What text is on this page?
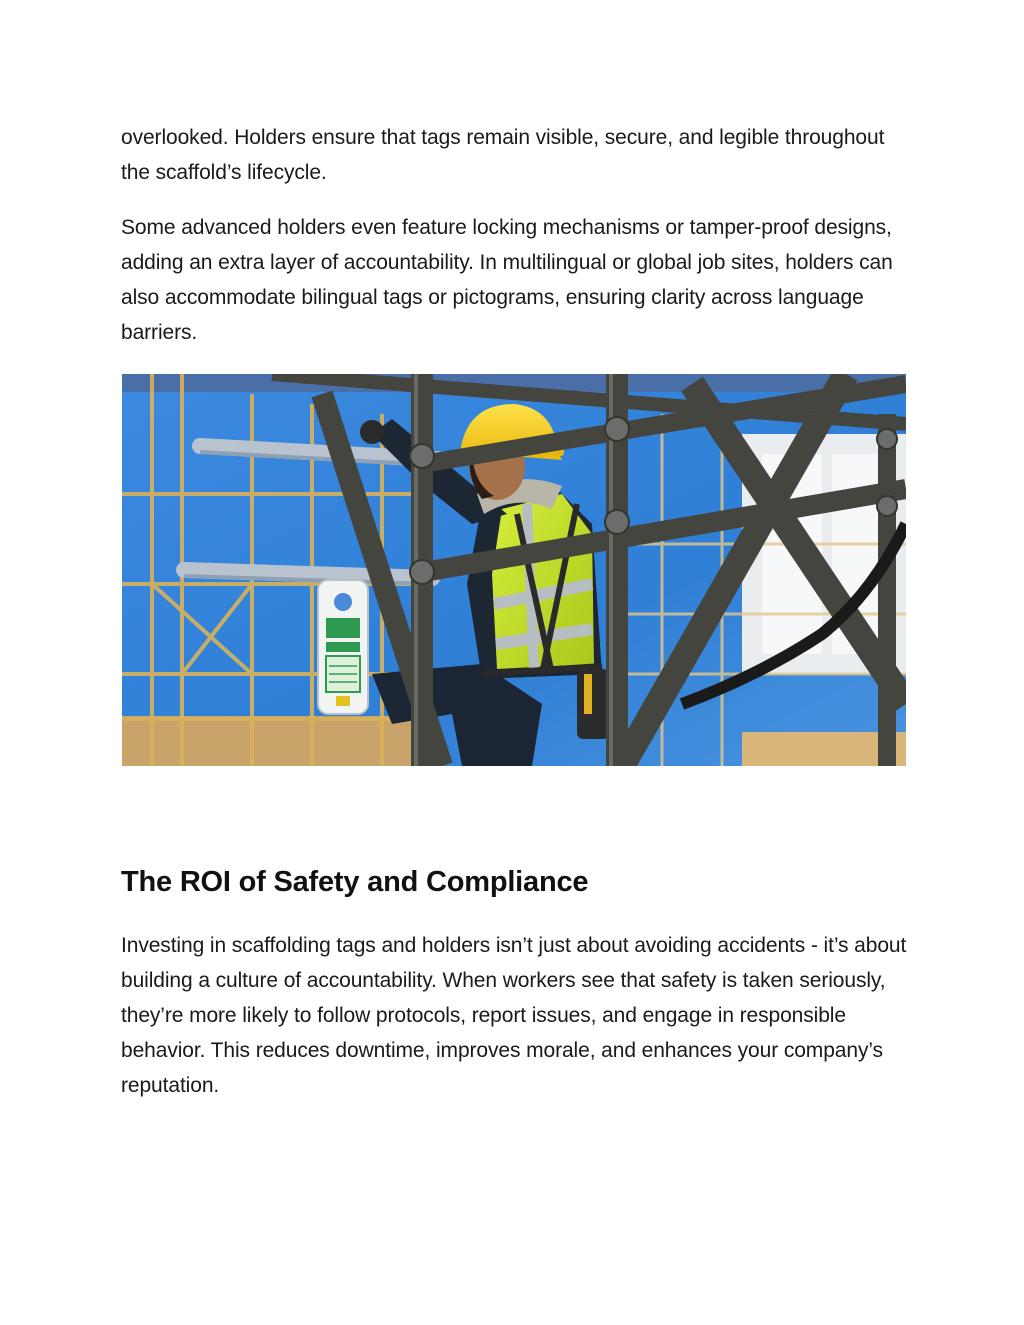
overlooked. Holders ensure that tags remain visible, secure, and legible throughout the scaffold’s lifecycle.

Some advanced holders even feature locking mechanisms or tamper-proof designs, adding an extra layer of accountability. In multilingual or global job sites, holders can also accommodate bilingual tags or pictograms, ensuring clarity across language barriers.

The ROI of Safety and Compliance

Investing in scaffolding tags and holders isn’t just about avoiding accidents - it’s about building a culture of accountability. When workers see that safety is taken seriously, they’re more likely to follow protocols, report issues, and engage in responsible behavior. This reduces downtime, improves morale, and enhances your company’s reputation.
